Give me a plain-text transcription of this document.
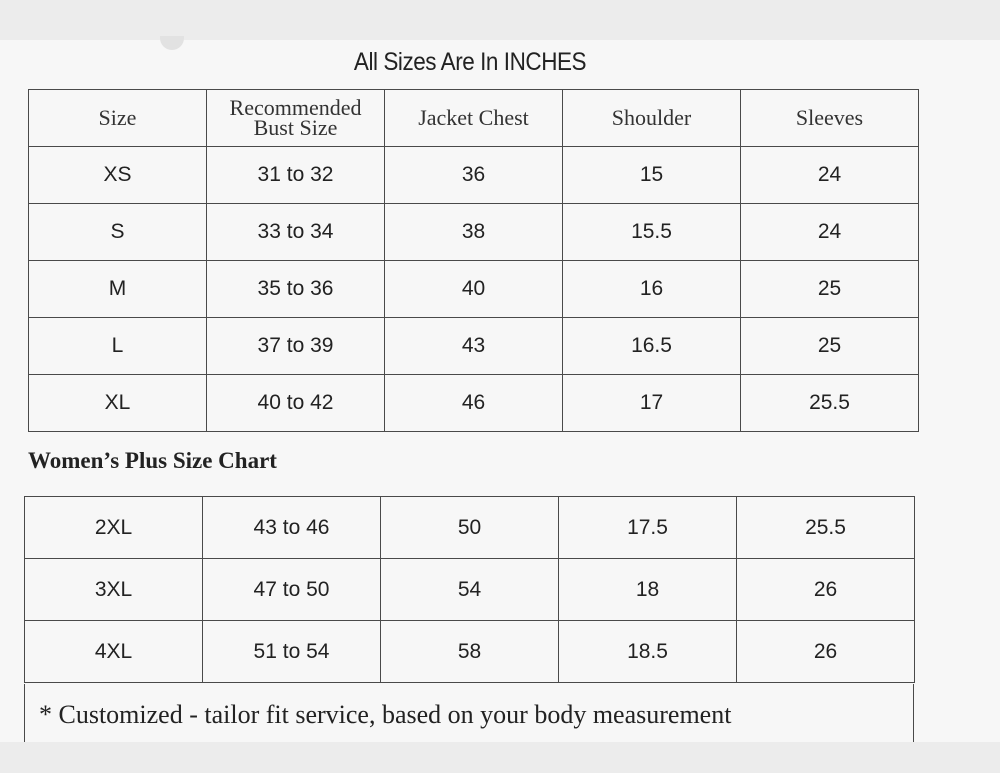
All Sizes Are In INCHES
Size	Recommended Bust Size	Jacket Chest	Shoulder	Sleeves
XS	31 to 32	36	15	24
S	33 to 34	38	15.5	24
M	35 to 36	40	16	25
L	37 to 39	43	16.5	25
XL	40 to 42	46	17	25.5
Women’s Plus Size Chart
2XL	43 to 46	50	17.5	25.5
3XL	47 to 50	54	18	26
4XL	51 to 54	58	18.5	26
* Customized - tailor fit service, based on your body measurement
